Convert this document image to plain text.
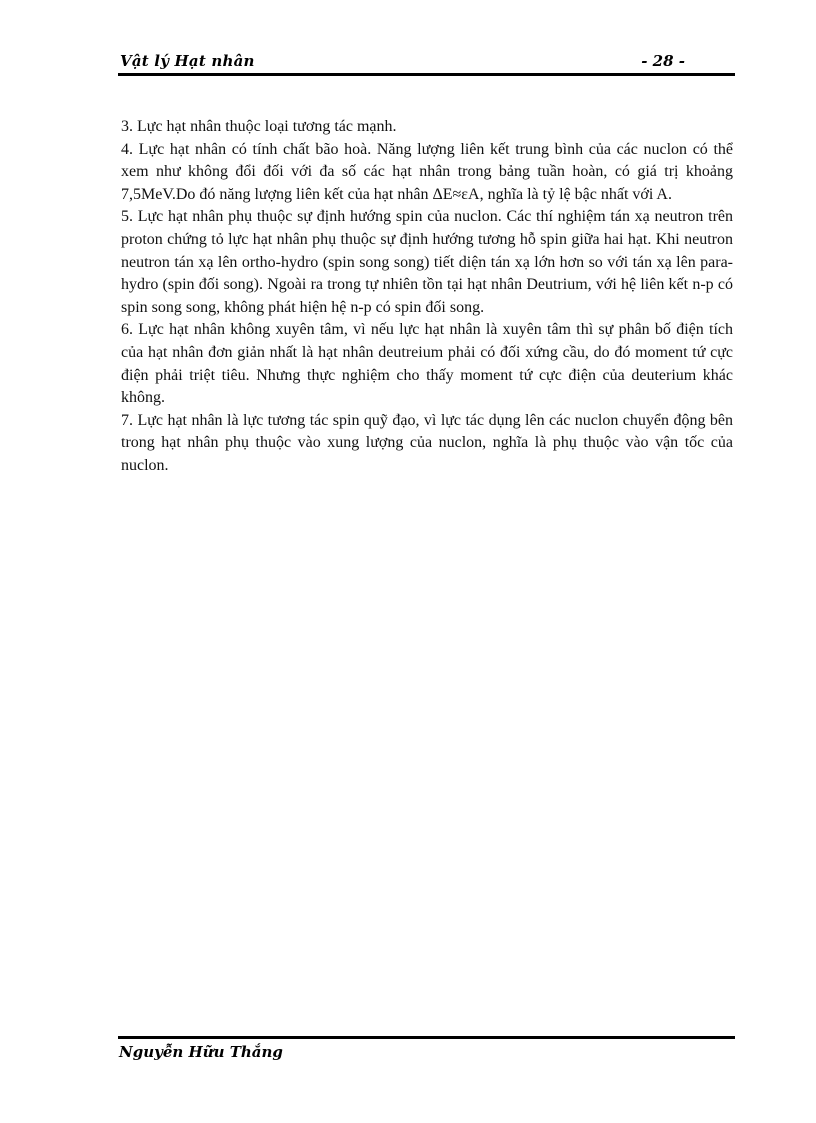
Vật lý Hạt nhân	- 28 -

3. Lực hạt nhân thuộc loại tương tác mạnh.

4. Lực hạt nhân có tính chất bão hoà. Năng lượng liên kết trung bình của các nuclon có thể xem như không đổi đối với đa số các hạt nhân trong bảng tuần hoàn, có giá trị khoảng 7,5MeV.Do đó năng lượng liên kết của hạt nhân ΔE≈εA, nghĩa là tỷ lệ bậc nhất với A.

5. Lực hạt nhân phụ thuộc sự định hướng spin của nuclon. Các thí nghiệm tán xạ neutron trên proton chứng tỏ lực hạt nhân phụ thuộc sự định hướng tương hỗ spin giữa hai hạt. Khi neutron neutron tán xạ lên ortho-hydro (spin song song) tiết diện tán xạ lớn hơn so với tán xạ lên para-hydro (spin đối song). Ngoài ra trong tự nhiên tồn tại hạt nhân Deutrium, với hệ liên kết n-p có spin song song, không phát hiện hệ n-p có spin đối song.

6. Lực hạt nhân không xuyên tâm, vì nếu lực hạt nhân là xuyên tâm thì sự phân bố điện tích của hạt nhân đơn giản nhất là hạt nhân deutreium phải có đối xứng cầu, do đó moment tứ cực điện phải triệt tiêu. Nhưng thực nghiệm cho thấy moment tứ cực điện của deuterium khác không.

7. Lực hạt nhân là lực tương tác spin quỹ đạo, vì lực tác dụng lên các nuclon chuyển động bên trong hạt nhân phụ thuộc vào xung lượng của nuclon, nghĩa là phụ thuộc vào vận tốc của nuclon.

Nguyễn Hữu Thắng
